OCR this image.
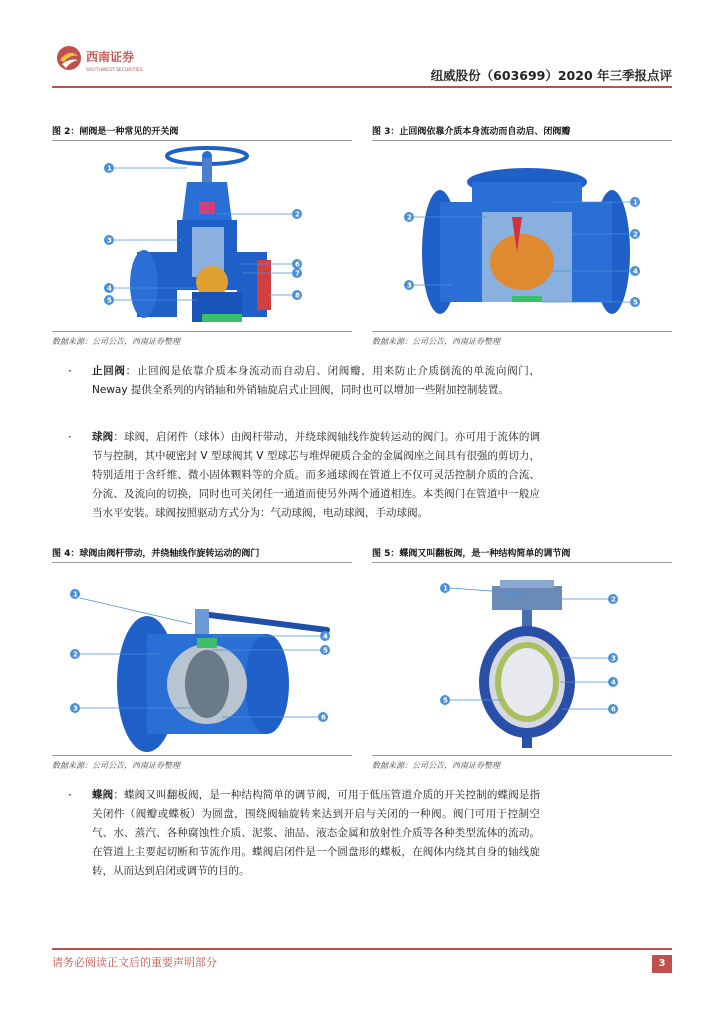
西南证券
SOUTHWEST SECURITIES	纽威股份（603699）2020 年三季报点评
图 2：闸阀是一种常见的开关阀
1
2
3
4
5
6
7
8
数据来源：公司公告，西南证券整理
图 3：止回阀依靠介质本身流动而自动启、闭阀瓣
1
2
2
3
4
5
数据来源：公司公告，西南证券整理
· 止回阀：止回阀是依靠介质本身流动而自动启、闭阀瓣，用来防止介质倒流的单流向阀门，Neway 提供全系列的内销轴和外销轴旋启式止回阀，同时也可以增加一些附加控制装置。

· 球阀：球阀，启闭件（球体）由阀杆带动，并绕球阀轴线作旋转运动的阀门。亦可用于流体的调节与控制，其中硬密封 V 型球阀其 V 型球芯与堆焊硬质合金的金属阀座之间具有很强的剪切力，特别适用于含纤维、微小固体颗料等的介质。而多通球阀在管道上不仅可灵活控制介质的合流、分流、及流向的切换，同时也可关闭任一通道而使另外两个通道相连。本类阀门在管道中一般应当水平安装。球阀按照驱动方式分为：气动球阀，电动球阀，手动球阀。

图 4：球阀由阀杆带动，并绕轴线作旋转运动的阀门
1
2
3
4
5
6
数据来源：公司公告，西南证券整理
图 5：蝶阀又叫翻板阀，是一种结构简单的调节阀
1
2
3
4
5
6
数据来源：公司公告，西南证券整理
· 蝶阀：蝶阀又叫翻板阀，是一种结构简单的调节阀，可用于低压管道介质的开关控制的蝶阀是指关闭件（阀瓣或蝶板）为圆盘，围绕阀轴旋转来达到开启与关闭的一种阀。阀门可用于控制空气、水、蒸汽、各种腐蚀性介质、泥浆、油品、液态金属和放射性介质等各种类型流体的流动。在管道上主要起切断和节流作用。蝶阀启闭件是一个圆盘形的蝶板，在阀体内绕其自身的轴线旋转，从而达到启闭或调节的目的。

请务必阅读正文后的重要声明部分	3
